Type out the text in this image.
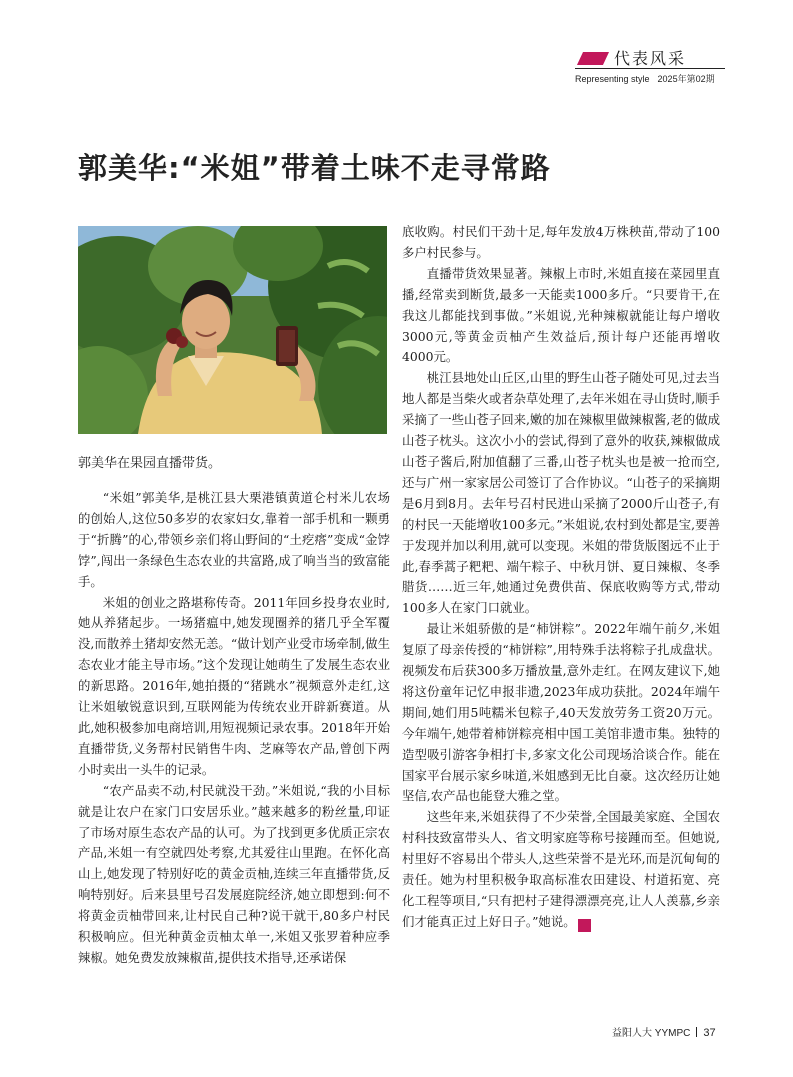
代表风采
Representing style 2025年第02期
郭美华:“米姐”带着土味不走寻常路
郭美华在果园直播带货。

“米姐”郭美华,是桃江县大栗港镇黄道仑村米儿农场的创始人,这位50多岁的农家妇女,靠着一部手机和一颗勇于“折腾”的心,带领乡亲们将山野间的“土疙瘩”变成“金饽饽”,闯出一条绿色生态农业的共富路,成了响当当的致富能手。

米姐的创业之路堪称传奇。2011年回乡投身农业时,她从养猪起步。一场猪瘟中,她发现圈养的猪几乎全军覆没,而散养土猪却安然无恙。“做计划产业受市场牵制,做生态农业才能主导市场。”这个发现让她萌生了发展生态农业的新思路。2016年,她拍摄的“猪跳水”视频意外走红,这让米姐敏锐意识到,互联网能为传统农业开辟新赛道。从此,她积极参加电商培训,用短视频记录农事。2018年开始直播带货,义务帮村民销售牛肉、芝麻等农产品,曾创下两小时卖出一头牛的记录。

“农产品卖不动,村民就没干劲。”米姐说,“我的小目标就是让农户在家门口安居乐业。”越来越多的粉丝量,印证了市场对原生态农产品的认可。为了找到更多优质正宗农产品,米姐一有空就四处考察,尤其爱往山里跑。在怀化高山上,她发现了特别好吃的黄金贡柚,连续三年直播带货,反响特别好。后来县里号召发展庭院经济,她立即想到:何不将黄金贡柚带回来,让村民自己种?说干就干,80多户村民积极响应。但光种黄金贡柚太单一,米姐又张罗着种应季辣椒。她免费发放辣椒苗,提供技术指导,还承诺保

底收购。村民们干劲十足,每年发放4万株秧苗,带动了100多户村民参与。

直播带货效果显著。辣椒上市时,米姐直接在菜园里直播,经常卖到断货,最多一天能卖1000多斤。“只要肯干,在我这儿都能找到事做。”米姐说,光种辣椒就能让每户增收3000元,等黄金贡柚产生效益后,预计每户还能再增收4000元。

桃江县地处山丘区,山里的野生山苍子随处可见,过去当地人都是当柴火或者杂草处理了,去年米姐在寻山货时,顺手采摘了一些山苍子回来,嫩的加在辣椒里做辣椒酱,老的做成山苍子枕头。这次小小的尝试,得到了意外的收获,辣椒做成山苍子酱后,附加值翻了三番,山苍子枕头也是被一抢而空,还与广州一家家居公司签订了合作协议。“山苍子的采摘期是6月到8月。去年号召村民进山采摘了2000斤山苍子,有的村民一天能增收100多元。”米姐说,农村到处都是宝,要善于发现并加以利用,就可以变现。米姐的带货版图远不止于此,春季蒿子粑粑、端午粽子、中秋月饼、夏日辣椒、冬季腊货……近三年,她通过免费供苗、保底收购等方式,带动100多人在家门口就业。

最让米姐骄傲的是“柿饼粽”。2022年端午前夕,米姐复原了母亲传授的“柿饼粽”,用特殊手法将粽子扎成盘状。视频发布后获300多万播放量,意外走红。在网友建议下,她将这份童年记忆申报非遗,2023年成功获批。2024年端午期间,她们用5吨糯米包粽子,40天发放劳务工资20万元。今年端午,她带着柿饼粽亮相中国工美馆非遗市集。独特的造型吸引游客争相打卡,多家文化公司现场洽谈合作。能在国家平台展示家乡味道,米姐感到无比自豪。这次经历让她坚信,农产品也能登大雅之堂。

这些年来,米姐获得了不少荣誉,全国最美家庭、全国农村科技致富带头人、省文明家庭等称号接踵而至。但她说,村里好不容易出个带头人,这些荣誉不是光环,而是沉甸甸的责任。她为村里积极争取高标准农田建设、村道拓宽、亮化工程等项目,“只有把村子建得漂漂亮亮,让人人羡慕,乡亲们才能真正过上好日子。”她说。	文

益阳人大 YYMPC 37
